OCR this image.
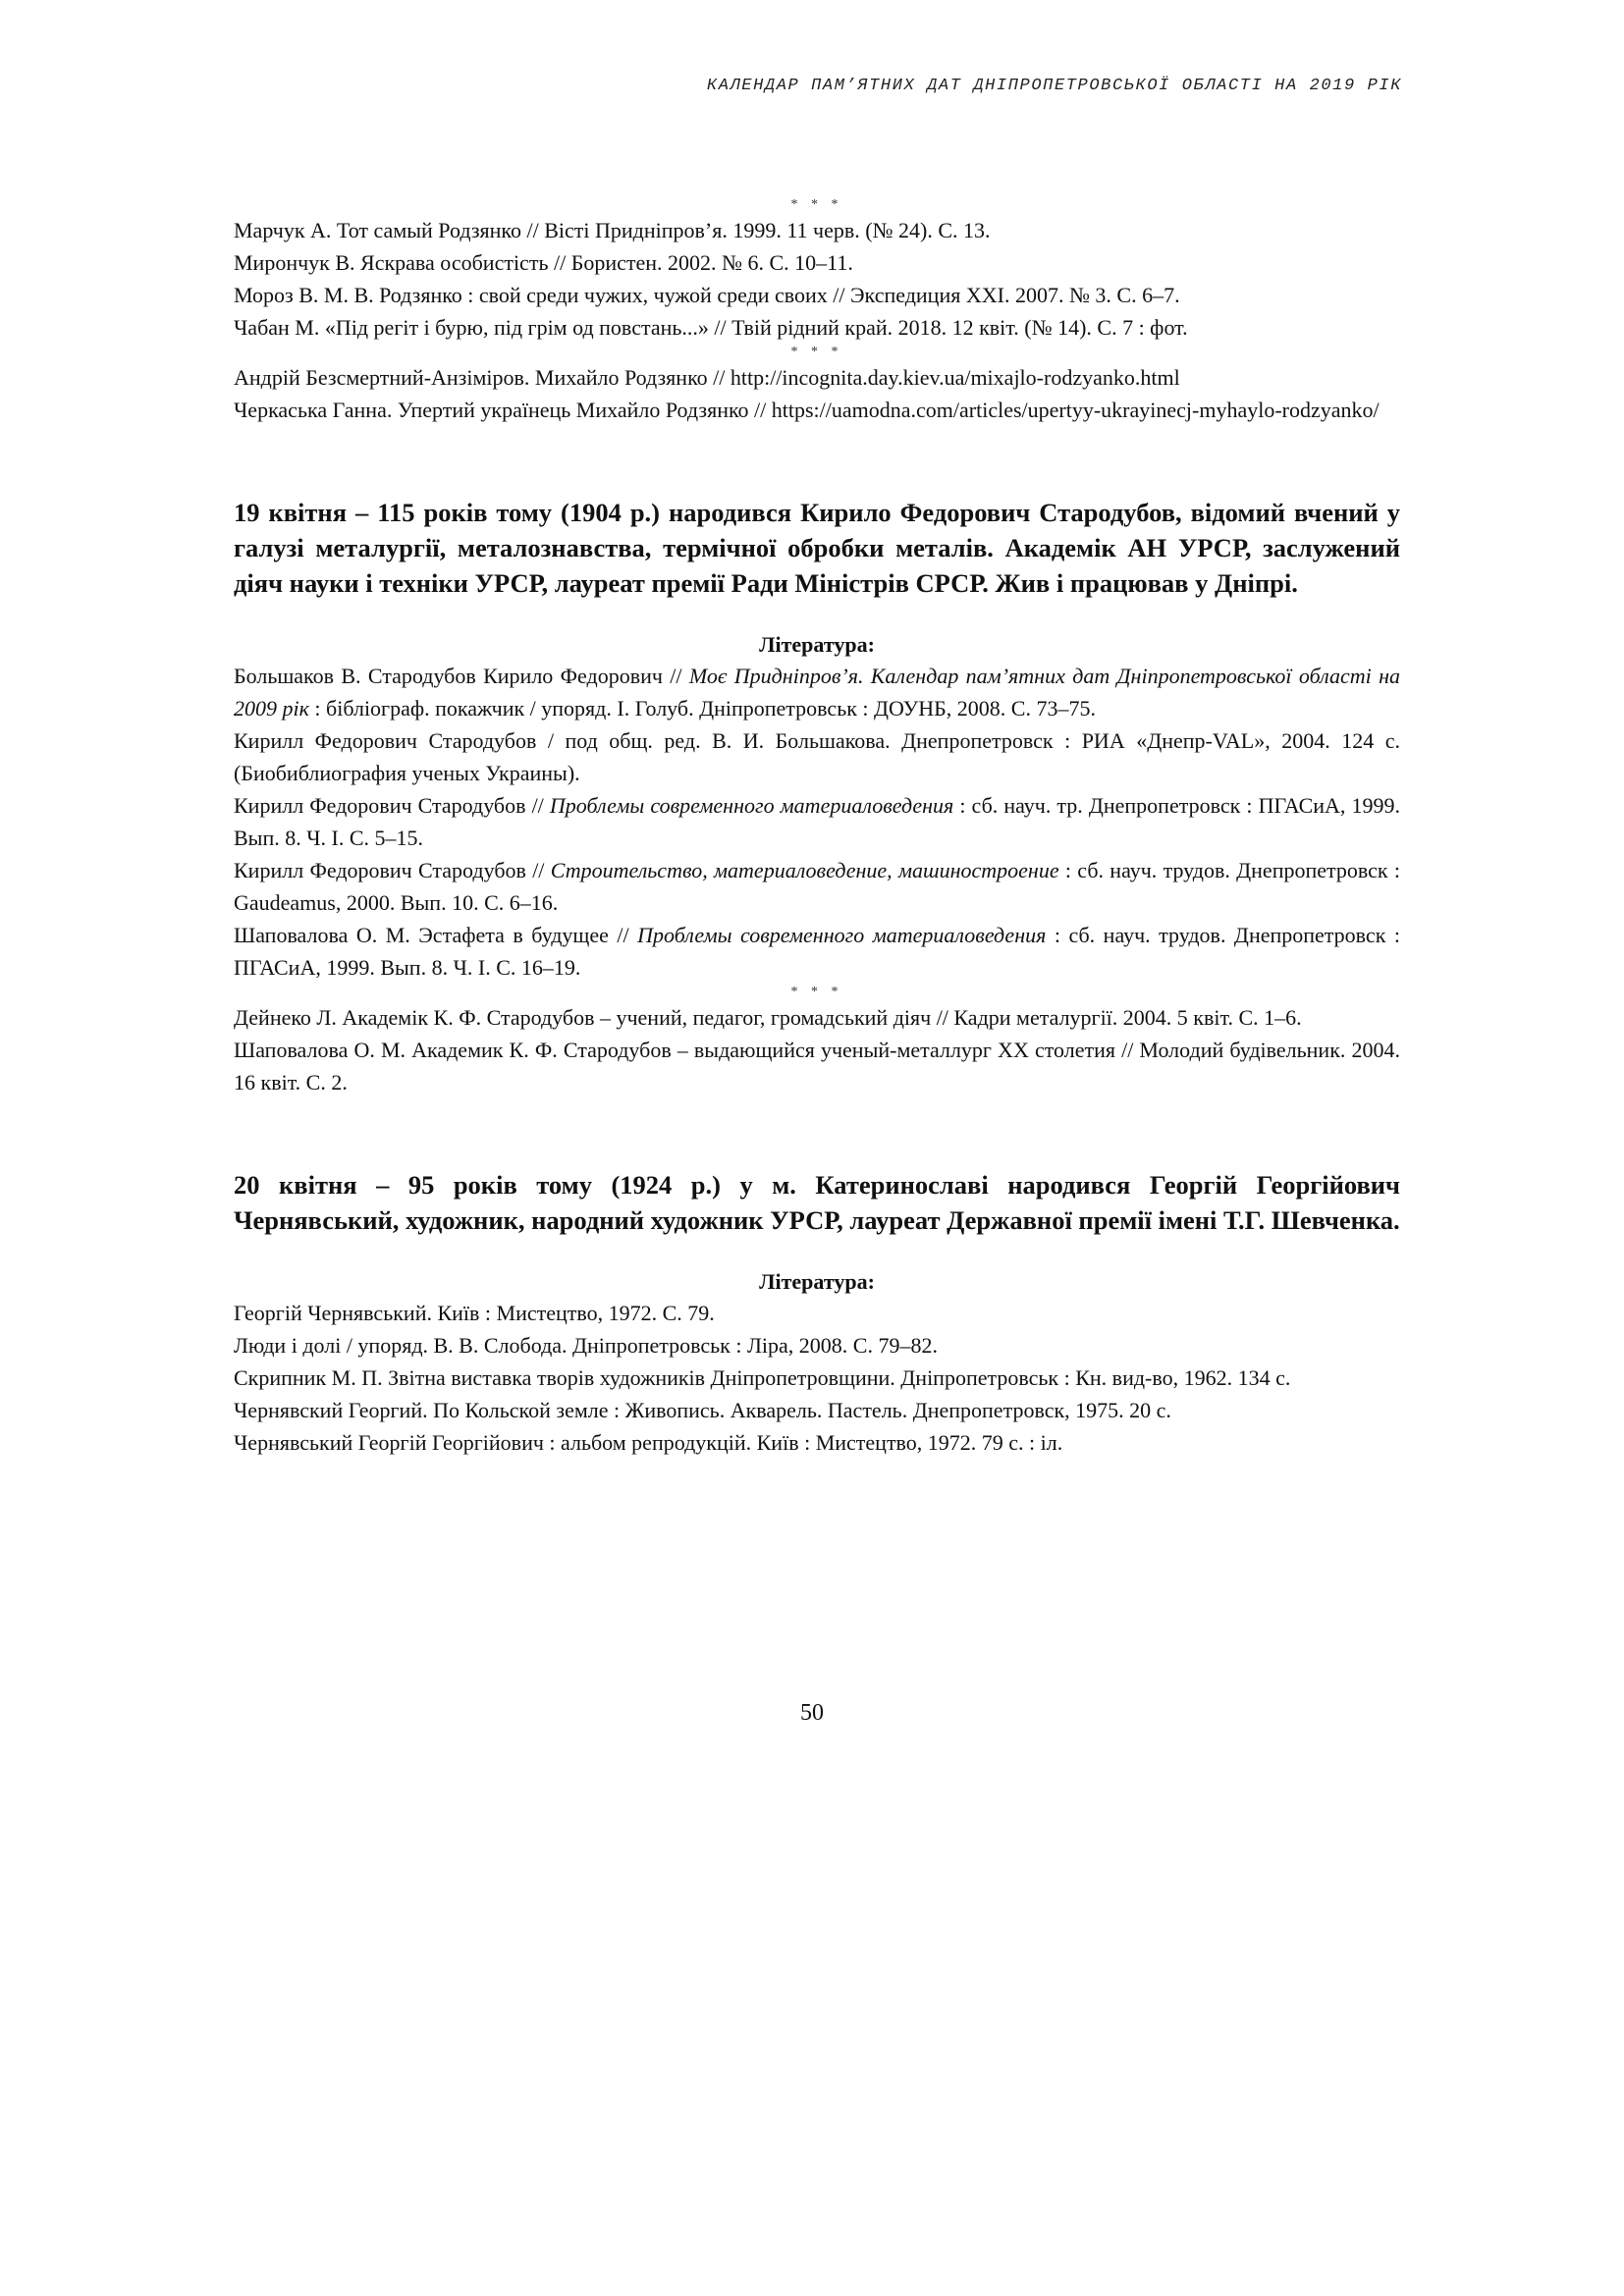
КАЛЕНДАР ПАМ’ЯТНИХ ДАТ ДНІПРОПЕТРОВСЬКОЇ ОБЛАСТІ НА 2019 РІК
* * *

Марчук А. Тот самый Родзянко // Вісті Придніпров’я. 1999. 11 черв. (№ 24). С. 13.

Мирончук В. Яскрава особистість // Бористен. 2002. № 6. С. 10–11.

Мороз В. М. В. Родзянко : свой среди чужих, чужой среди своих // Экспедиция XXI. 2007. № 3. С. 6–7.

Чабан М. «Під регіт і бурю, під грім од повстань...» // Твій рідний край. 2018. 12 квіт. (№ 14). С. 7 : фот.

* * *

Андрій Безсмертний-Анзіміров. Михайло Родзянко // http://incognita.day.kiev.ua/mixajlo-rodzyanko.html

Черкаська Ганна. Упертий українець Михайло Родзянко // https://uamodna.com/articles/upertyy-ukrayinecj-myhaylo-rodzyanko/

19 квітня – 115 років тому (1904 р.) народився Кирило Федорович Стародубов, відомий вчений у галузі металургії, металознавства, термічної обробки металів. Академік АН УРСР, заслужений діяч науки і техніки УРСР, лауреат премії Ради Міністрів СРСР. Жив і працював у Дніпрі.

Література:

Большаков В. Стародубов Кирило Федорович // Моє Придніпров’я. Календар пам’ятних дат Дніпропетровської області на 2009 рік : бібліограф. покажчик / упоряд. І. Голуб. Дніпропетровськ : ДОУНБ, 2008. С. 73–75.

Кирилл Федорович Стародубов / под общ. ред. В. И. Большакова. Днепропетровск : РИА «Днепр-VAL», 2004. 124 с. (Биобиблиография ученых Украины).

Кирилл Федорович Стародубов // Проблемы современного материаловедения : сб. науч. тр. Днепропетровск : ПГАСиА, 1999. Вып. 8. Ч. I. С. 5–15.

Кирилл Федорович Стародубов // Строительство, материаловедение, машиностроение : сб. науч. трудов. Днепропетровск : Gaudeamus, 2000. Вып. 10. С. 6–16.

Шаповалова О. М. Эстафета в будущее // Проблемы современного материаловедения : сб. науч. трудов. Днепропетровск : ПГАСиА, 1999. Вып. 8. Ч. I. С. 16–19.

* * *

Дейнеко Л. Академік К. Ф. Стародубов – учений, педагог, громадський діяч // Кадри металургії. 2004. 5 квіт. С. 1–6.

Шаповалова О. М. Академик К. Ф. Стародубов – выдающийся ученый-металлург XX столетия // Молодий будівельник. 2004. 16 квіт. С. 2.

20 квітня – 95 років тому (1924 р.) у м. Катеринославі народився Георгій Георгійович Чернявський, художник, народний художник УРСР, лауреат Державної премії імені Т.Г. Шевченка.

Література:

Георгій Чернявський. Київ : Мистецтво, 1972. С. 79.

Люди і долі / упоряд. В. В. Слобода. Дніпропетровськ : Ліра, 2008. С. 79–82.

Скрипник М. П. Звітна виставка творів художників Дніпропетровщини. Дніпропетровськ : Кн. вид-во, 1962. 134 с.

Чернявский Георгий. По Кольской земле : Живопись. Акварель. Пастель. Днепропетровск, 1975. 20 с.

Чернявський Георгій Георгійович : альбом репродукцій. Київ : Мистецтво, 1972. 79 с. : іл.

50
